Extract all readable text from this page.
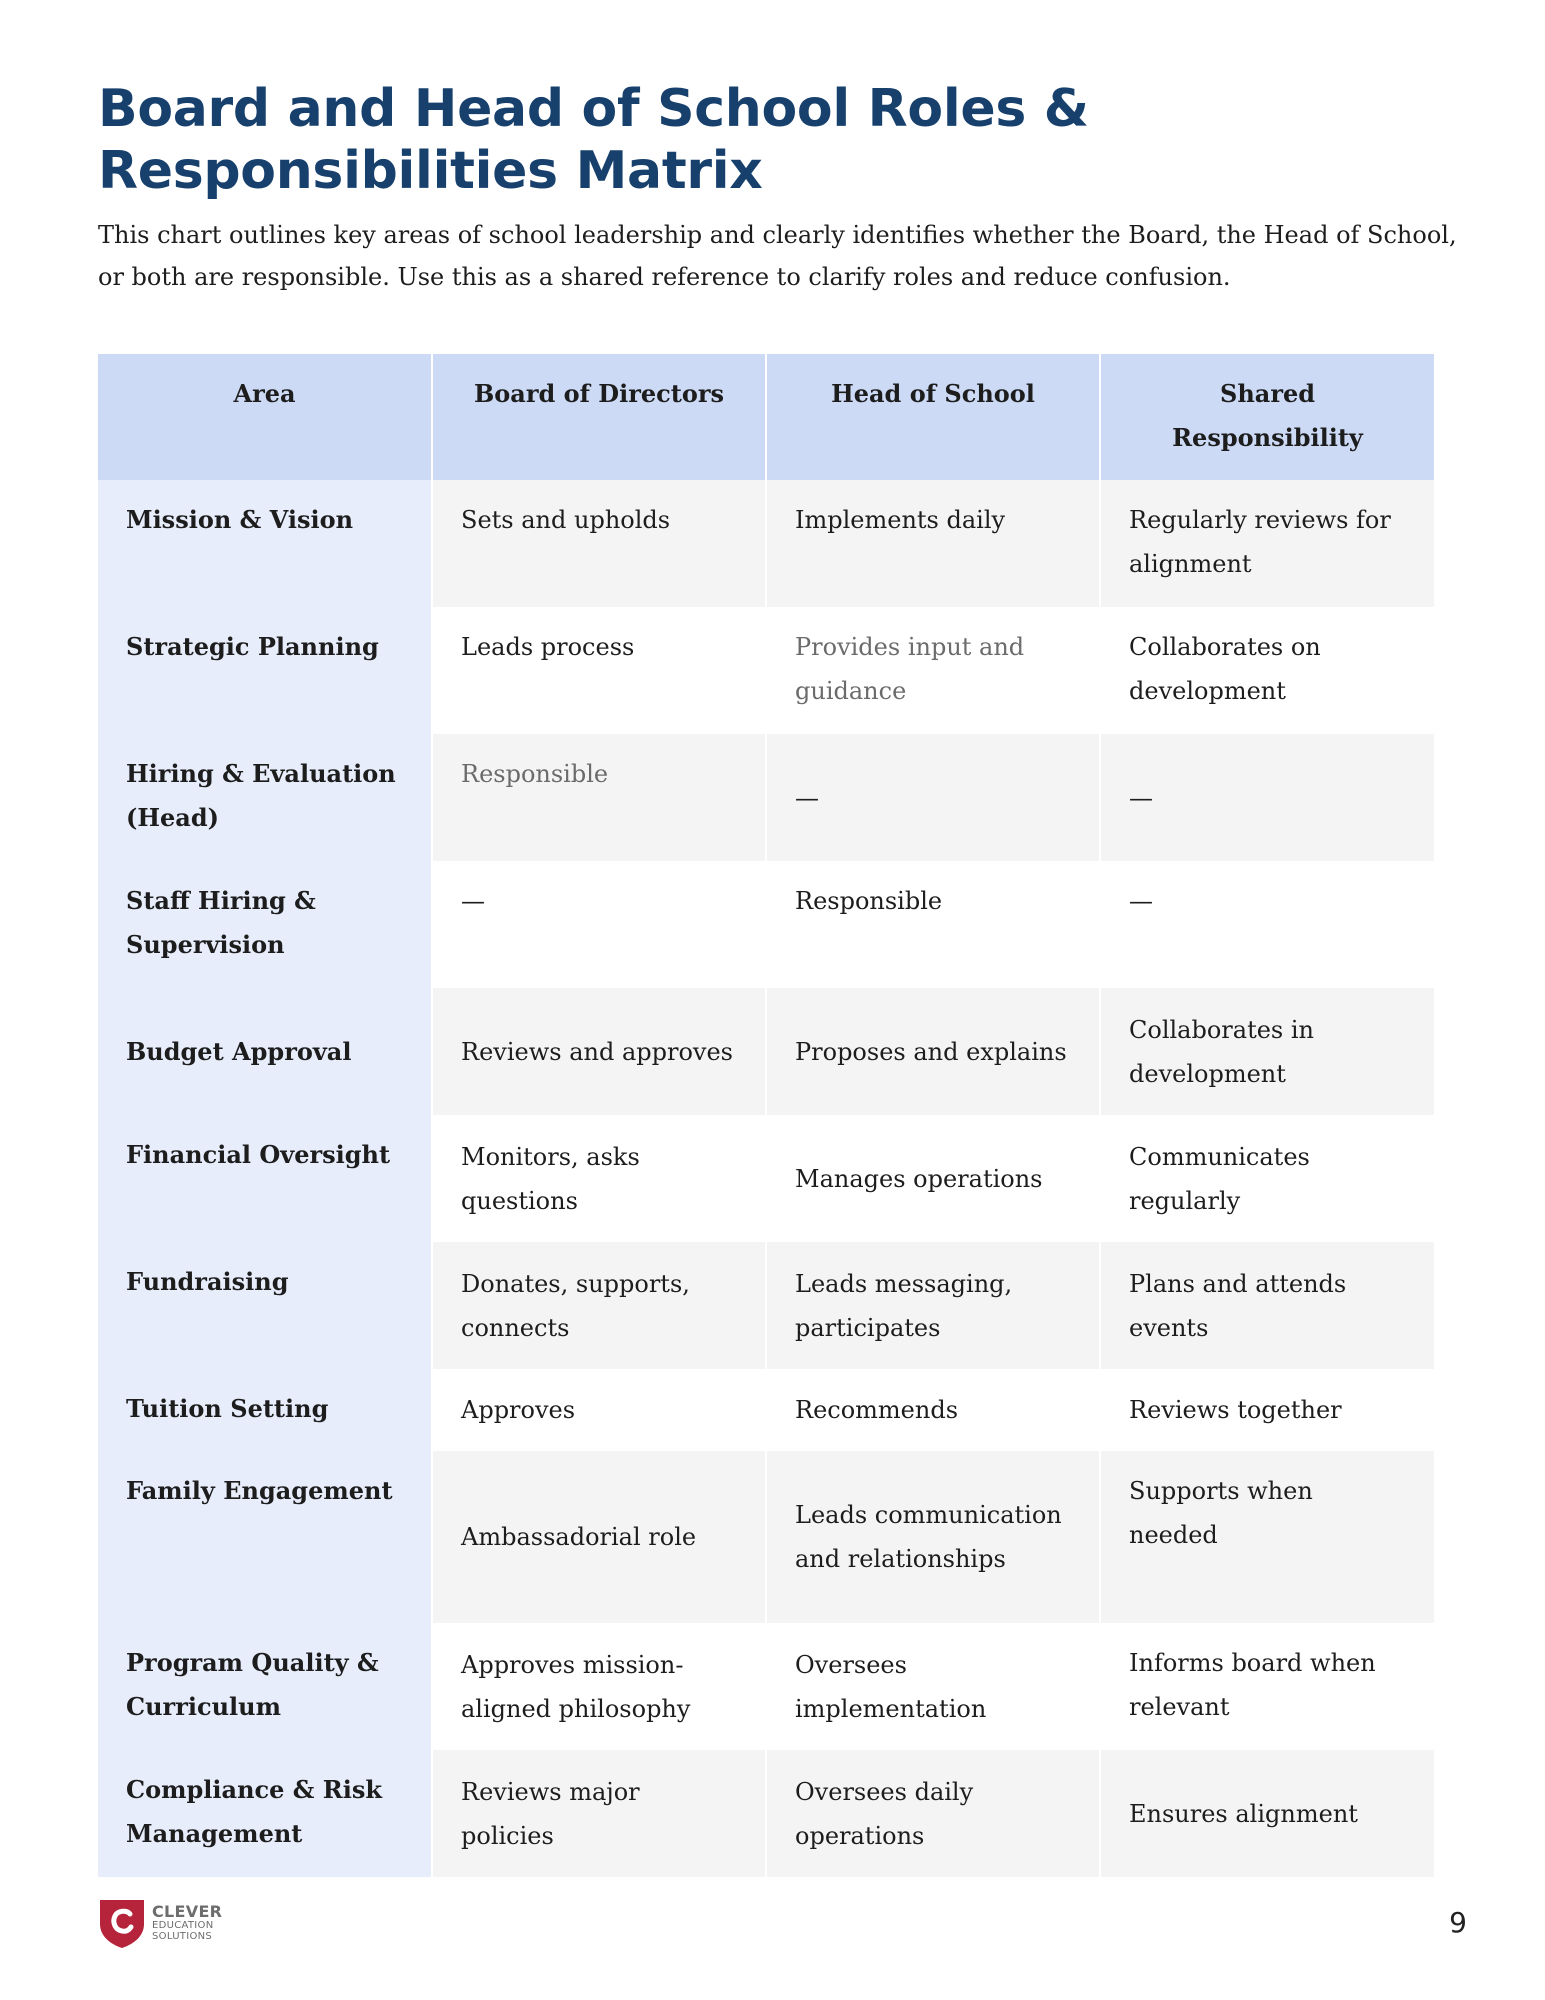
Board and Head of School Roles & Responsibilities Matrix

This chart outlines key areas of school leadership and clearly identifies whether the Board, the Head of School, or both are responsible. Use this as a shared reference to clarify roles and reduce confusion.

Area	Board of Directors	Head of School	Shared Responsibility
Mission & Vision	Sets and upholds	Implements daily	Regularly reviews for alignment
Strategic Planning	Leads process	Provides input and guidance	Collaborates on development
Hiring & Evaluation (Head)	Responsible	—	—
Staff Hiring & Supervision	—	Responsible	—
Budget Approval	Reviews and approves	Proposes and explains	Collaborates in development
Financial Oversight	Monitors, asks questions	Manages operations	Communicates regularly
Fundraising	Donates, supports, connects	Leads messaging, participates	Plans and attends events
Tuition Setting	Approves	Recommends	Reviews together
Family Engagement	Ambassadorial role	Leads communication and relationships	Supports when needed
Program Quality & Curriculum	Approves mission-aligned philosophy	Oversees implementation	Informs board when relevant
Compliance & Risk Management	Reviews major policies	Oversees daily operations	Ensures alignment
CLEVER
EDUCATION
SOLUTIONS	9
